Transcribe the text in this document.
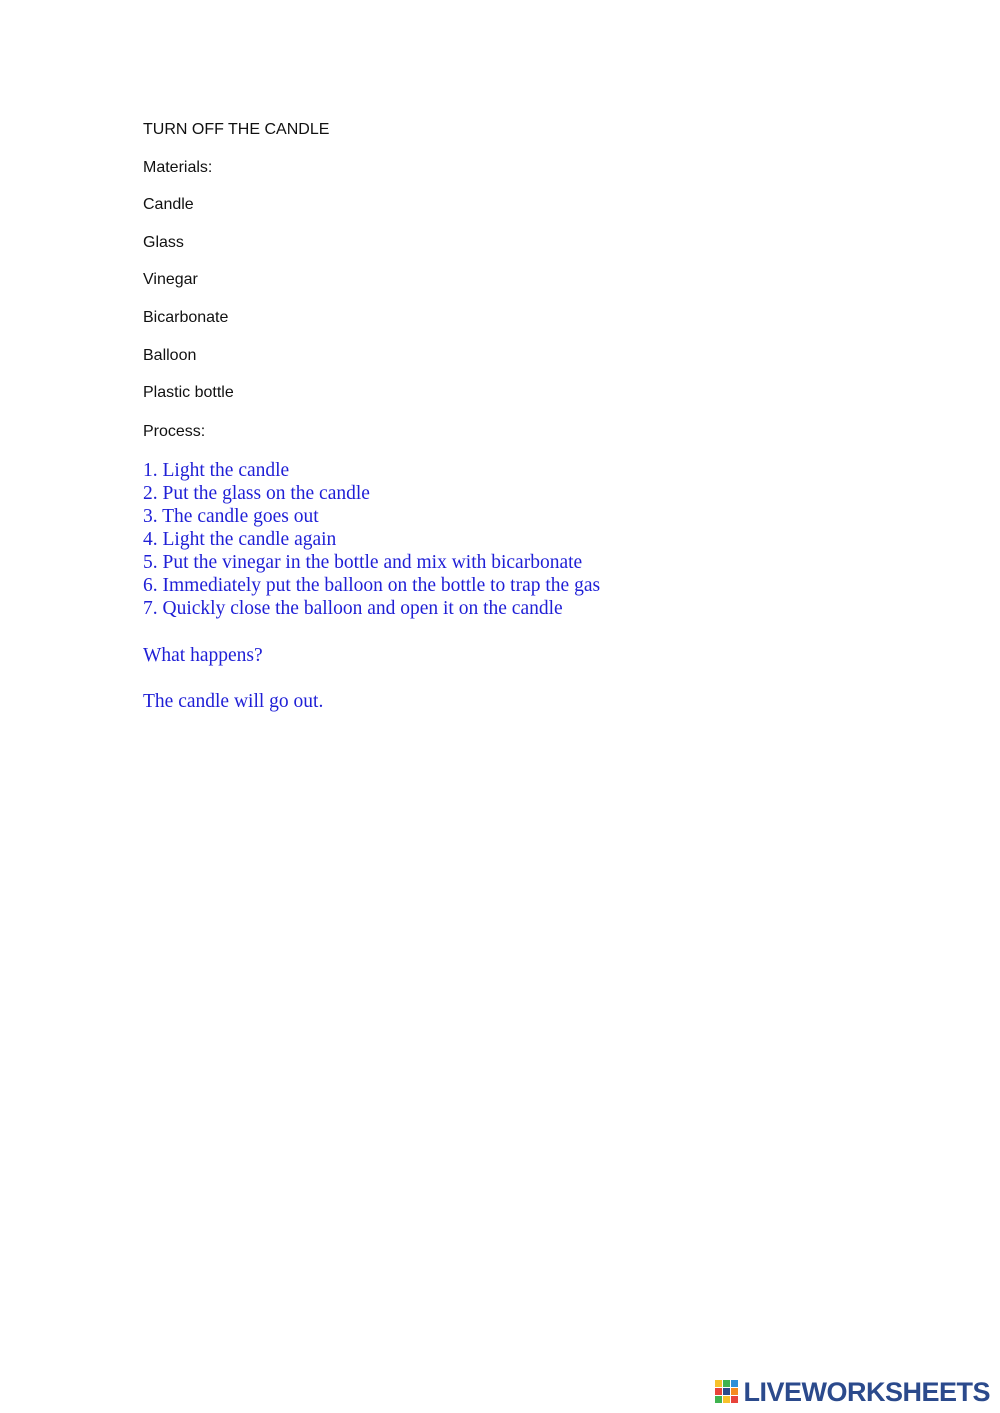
TURN OFF THE CANDLE
Materials:
Candle
Glass
Vinegar
Bicarbonate
Balloon
Plastic bottle
Process:
1. Light the candle
2. Put the glass on the candle
3. The candle goes out
4. Light the candle again
5. Put the vinegar in the bottle and mix with bicarbonate
6. Immediately put the balloon on the bottle to trap the gas
7. Quickly close the balloon and open it on the candle
What happens?
The candle will go out.
LIVEWORKSHEETS
